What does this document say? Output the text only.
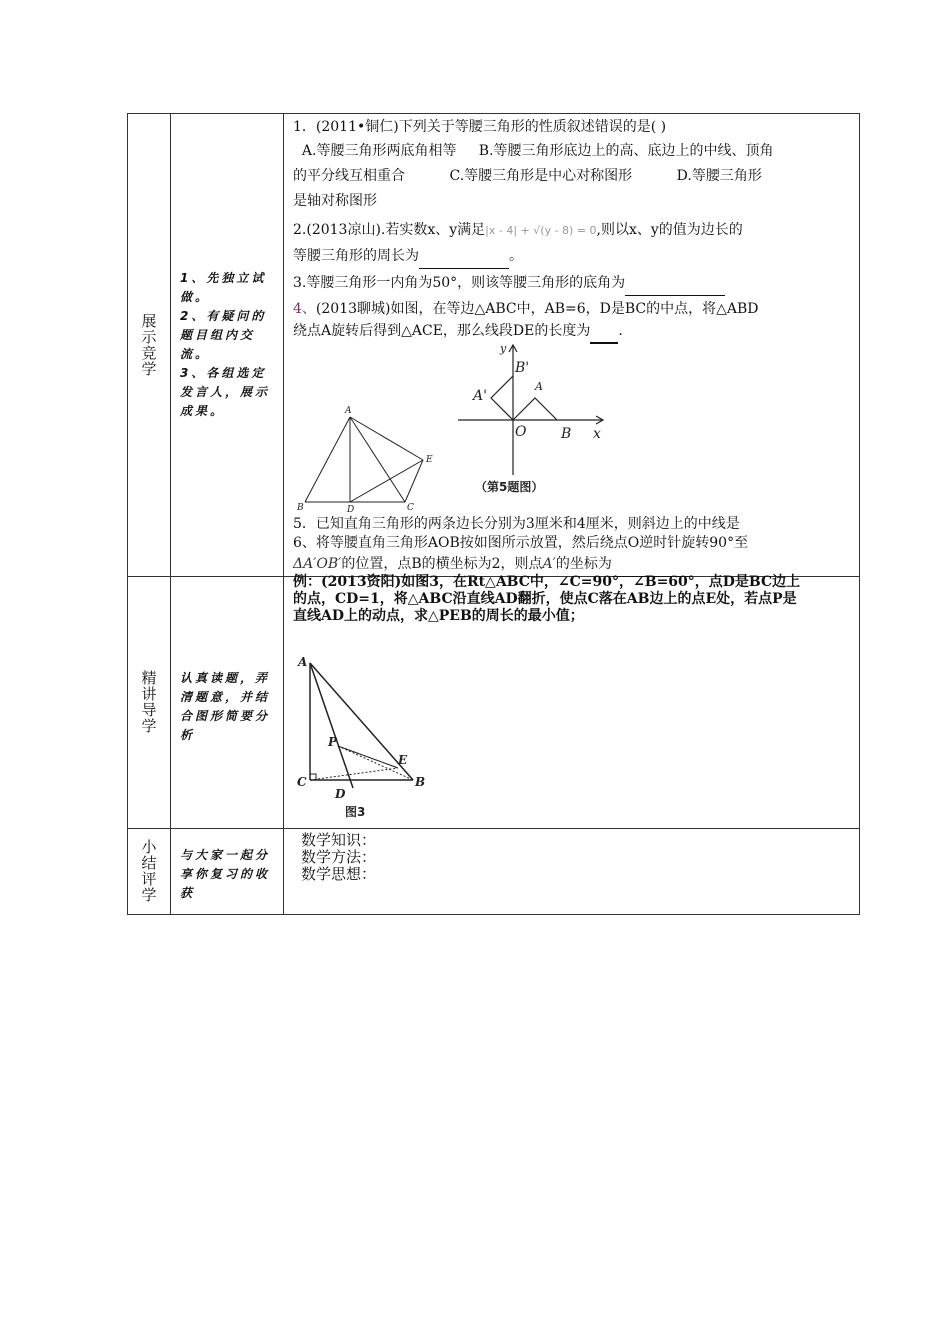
展示竞学
1、先独立试做。
2、有疑问的题目组内交流。
3、各组选定发言人，展示成果。
1．(2011•铜仁)下列关于等腰三角形的性质叙述错误的是( )
A.等腰三角形两底角相等     B.等腰三角形底边上的高、底边上的中线、顶角
的平分线互相重合          C.等腰三角形是中心对称图形          D.等腰三角形
是轴对称图形
2.(2013凉山).若实数x、y满足|x - 4| + √(y - 8) = 0,则以x、y的值为边长的
等腰三角形的周长为	。
3.等腰三角形一内角为50°，则该等腰三角形的底角为
4、(2013聊城)如图，在等边△ABC中，AB=6，D是BC的中点，将△ABD
绕点A旋转后得到△ACE，那么线段DE的长度为 .
A
B	C
D
E
y
B'
A'
A
O B x
（第5题图）
5．已知直角三角形的两条边长分别为3厘米和4厘米，则斜边上的中线是
6、将等腰直角三角形AOB按如图所示放置，然后绕点O逆时针旋转90°至
ΔA′OB′的位置，点B的横坐标为2，则点A′的坐标为
精讲导学 认真读题，弄清题意，并结合图形简要分析
例：(2013资阳)如图3，在Rt△ABC中，∠C=90°，∠B=60°，点D是BC边上
的点，CD=1，将△ABC沿直线AD翻折，使点C落在AB边上的点E处，若点P是
直线AD上的动点，求△PEB的周长的最小值；
A
P
E
C
D
B
图3
小结评学 与大家一起分享你复习的收获
数学知识：
数学方法：
数学思想：
